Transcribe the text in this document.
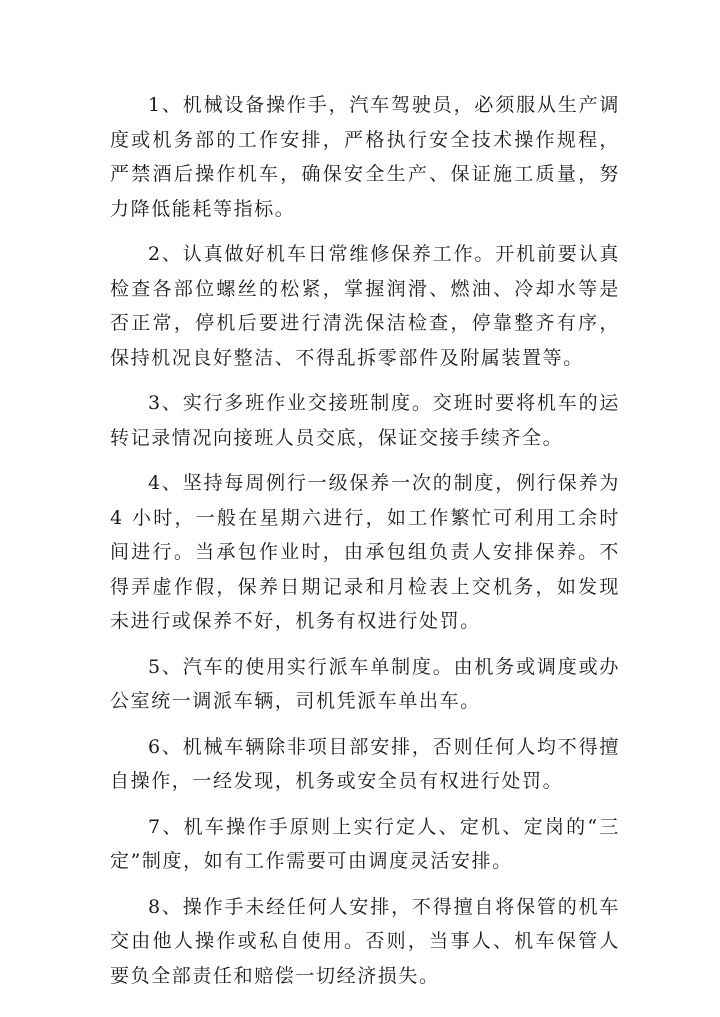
1、机械设备操作手，汽车驾驶员，必须服从生产调度或机务部的工作安排，严格执行安全技术操作规程，严禁酒后操作机车，确保安全生产、保证施工质量，努力降低能耗等指标。

2、认真做好机车日常维修保养工作。开机前要认真检查各部位螺丝的松紧，掌握润滑、燃油、冷却水等是否正常，停机后要进行清洗保洁检查，停靠整齐有序，保持机况良好整洁、不得乱拆零部件及附属装置等。

3、实行多班作业交接班制度。交班时要将机车的运转记录情况向接班人员交底，保证交接手续齐全。

4、坚持每周例行一级保养一次的制度，例行保养为 4 小时，一般在星期六进行，如工作繁忙可利用工余时间进行。当承包作业时，由承包组负责人安排保养。不得弄虚作假，保养日期记录和月检表上交机务，如发现未进行或保养不好，机务有权进行处罚。

5、汽车的使用实行派车单制度。由机务或调度或办公室统一调派车辆，司机凭派车单出车。

6、机械车辆除非项目部安排，否则任何人均不得擅自操作，一经发现，机务或安全员有权进行处罚。

7、机车操作手原则上实行定人、定机、定岗的“三定”制度，如有工作需要可由调度灵活安排。

8、操作手未经任何人安排，不得擅自将保管的机车交由他人操作或私自使用。否则，当事人、机车保管人要负全部责任和赔偿一切经济损失。
